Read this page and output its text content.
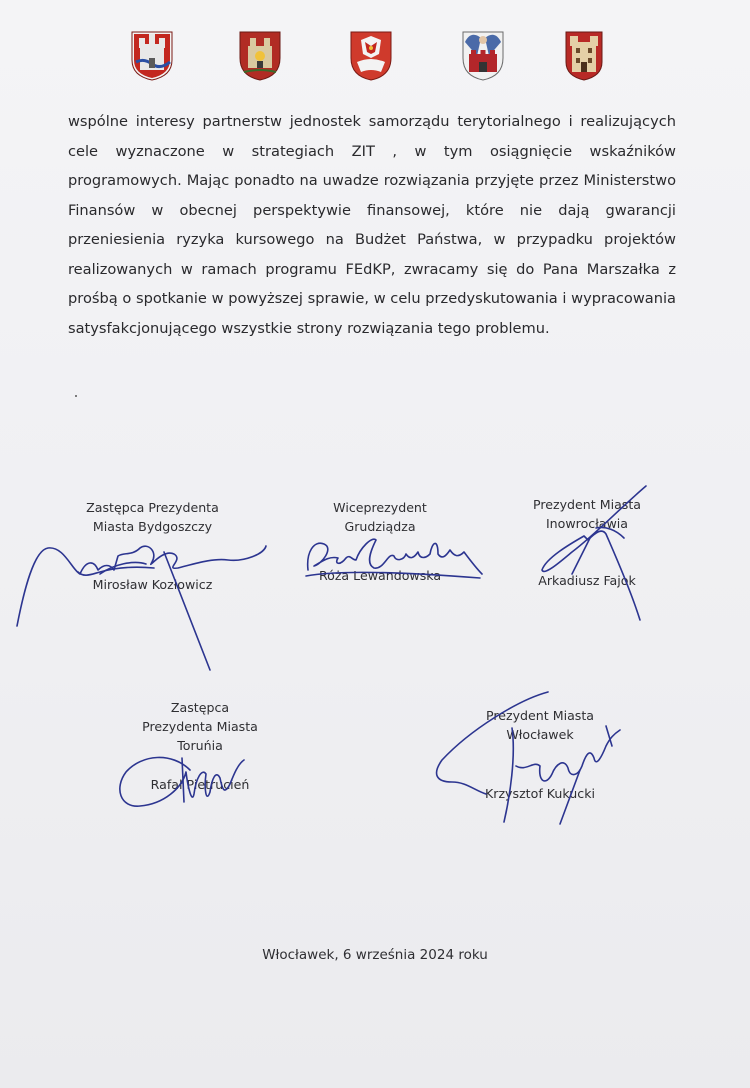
wspólne interesy partnerstw jednostek samorządu terytorialnego i realizujących cele wyznaczone w strategiach ZIT , w tym osiągnięcie wskaźników programowych. Mając ponadto na uwadze rozwiązania przyjęte przez Ministerstwo Finansów w obecnej perspektywie finansowej, które nie dają gwarancji przeniesienia ryzyka kursowego na Budżet Państwa, w przypadku projektów realizowanych w ramach programu FEdKP, zwracamy się do Pana Marszałka z prośbą o spotkanie w powyższej sprawie, w celu przedyskutowania i wypracowania satysfakcjonującego wszystkie strony rozwiązania tego problemu.

Zastępca Prezydenta
Miasta Bydgoszczy
Mirosław Kozłowicz
Wiceprezydent
Grudziądza
Róża Lewandowska
Prezydent Miasta
Inowrocławia
Arkadiusz Fajok
Zastępca
Prezydenta Miasta
Toruńia
Rafał Pietrucień
Prezydent Miasta
Włocławek
Krzysztof Kukucki
Włocławek, 6 września 2024 roku
